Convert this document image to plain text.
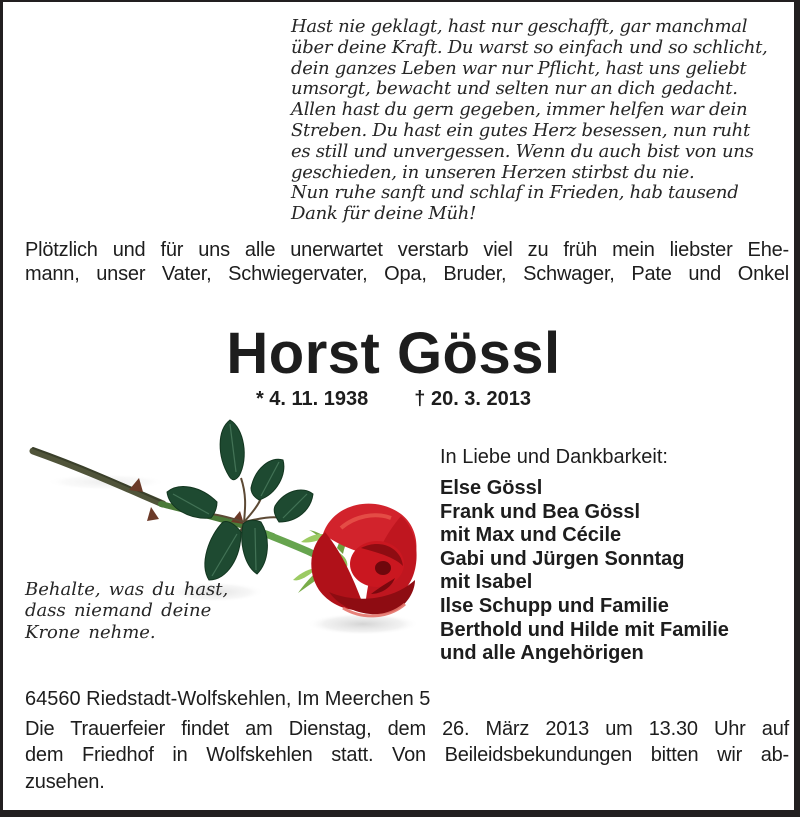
Hast nie geklagt, hast nur geschafft, gar manchmal
über deine Kraft. Du warst so einfach und so schlicht,
dein ganzes Leben war nur Pflicht, hast uns geliebt
umsorgt, bewacht und selten nur an dich gedacht.
Allen hast du gern gegeben, immer helfen war dein
Streben. Du hast ein gutes Herz besessen, nun ruht
es still und unvergessen. Wenn du auch bist von uns
geschieden, in unseren Herzen stirbst du nie.
Nun ruhe sanft und schlaf in Frieden, hab tausend
Dank für deine Müh!
Plötzlich und für uns alle unerwartet verstarb viel zu früh mein liebster Ehe-
mann, unser Vater, Schwiegervater, Opa, Bruder, Schwager, Pate und Onkel
Horst Gössl
* 4. 11. 1938 † 20. 3. 2013
In Liebe und Dankbarkeit:
Else Gössl
Frank und Bea Gössl
mit Max und Cécile
Gabi und Jürgen Sonntag
mit Isabel
Ilse Schupp und Familie
Berthold und Hilde mit Familie
und alle Angehörigen
Behalte, was du hast,
dass niemand deine
Krone nehme.
64560 Riedstadt-Wolfskehlen, Im Meerchen 5
Die Trauerfeier findet am Dienstag, dem 26. März 2013 um 13.30 Uhr auf
dem Friedhof in Wolfskehlen statt. Von Beileidsbekundungen bitten wir ab-
zusehen.
